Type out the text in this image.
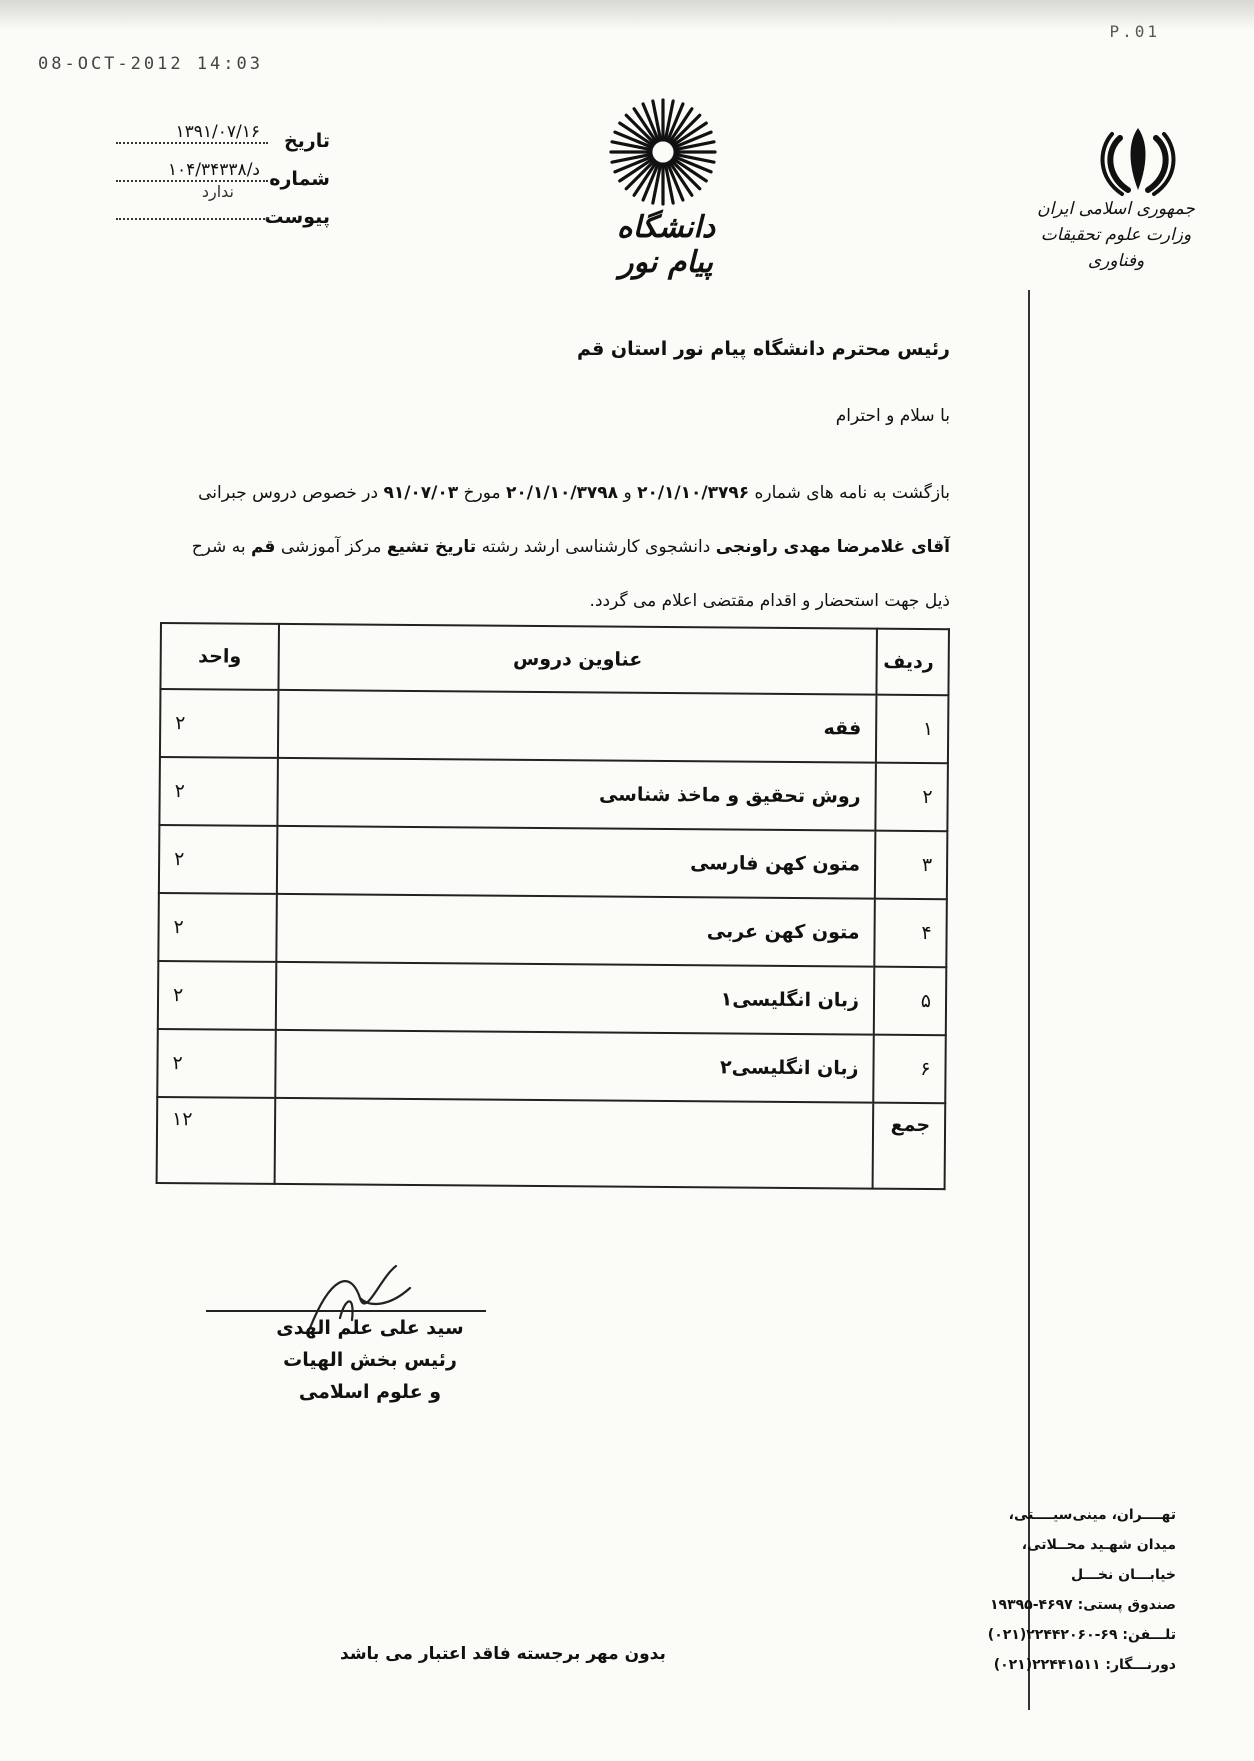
08-OCT-2012 14:03
P.01
تاریخ
۱۳۹۱/۰۷/۱۶
شماره
د/۱۰۴/۳۴۳۳۸
پیوست
ندارد
دانشگاه پیام نور
جمهوری اسلامی ایران
وزارت علوم تحقیقات وفناوری
رئیس محترم دانشگاه پیام نور استان قم
با سلام و احترام
بازگشت به نامه های شماره ۲۰/۱/۱۰/۳۷۹۶ و ۲۰/۱/۱۰/۳۷۹۸ مورخ ۹۱/۰۷/۰۳ در خصوص دروس جبرانی آقای غلامرضا مهدی راونجی دانشجوی کارشناسی ارشد رشته تاریخ تشیع مرکز آموزشی قم به شرح ذیل جهت استحضار و اقدام مقتضی اعلام می گردد.
ردیف	عناوین دروس	واحد
۱	فقه	۲
۲	روش تحقیق و ماخذ شناسی	۲
۳	متون کهن فارسی	۲
۴	متون کهن عربی	۲
۵	زبان انگلیسی۱	۲
۶	زبان انگلیسی۲	۲
جمع		۱۲
سید علی علم الهدی
رئیس بخش الهیات
و علوم اسلامی
بدون مهر برجسته فاقد اعتبار می باشد
تهــــران، مینی‌سیــــتی،
میدان شهـید محــلاتی،
خیابـــان نخـــل
صندوق پستی: ۴۶۹۷-۱۹۳۹۵
تلـــفن: ۶۹-۲۲۴۴۲۰۶۰(۰۲۱)
دورنـــگار: ۲۲۴۴۱۵۱۱(۰۲۱)
